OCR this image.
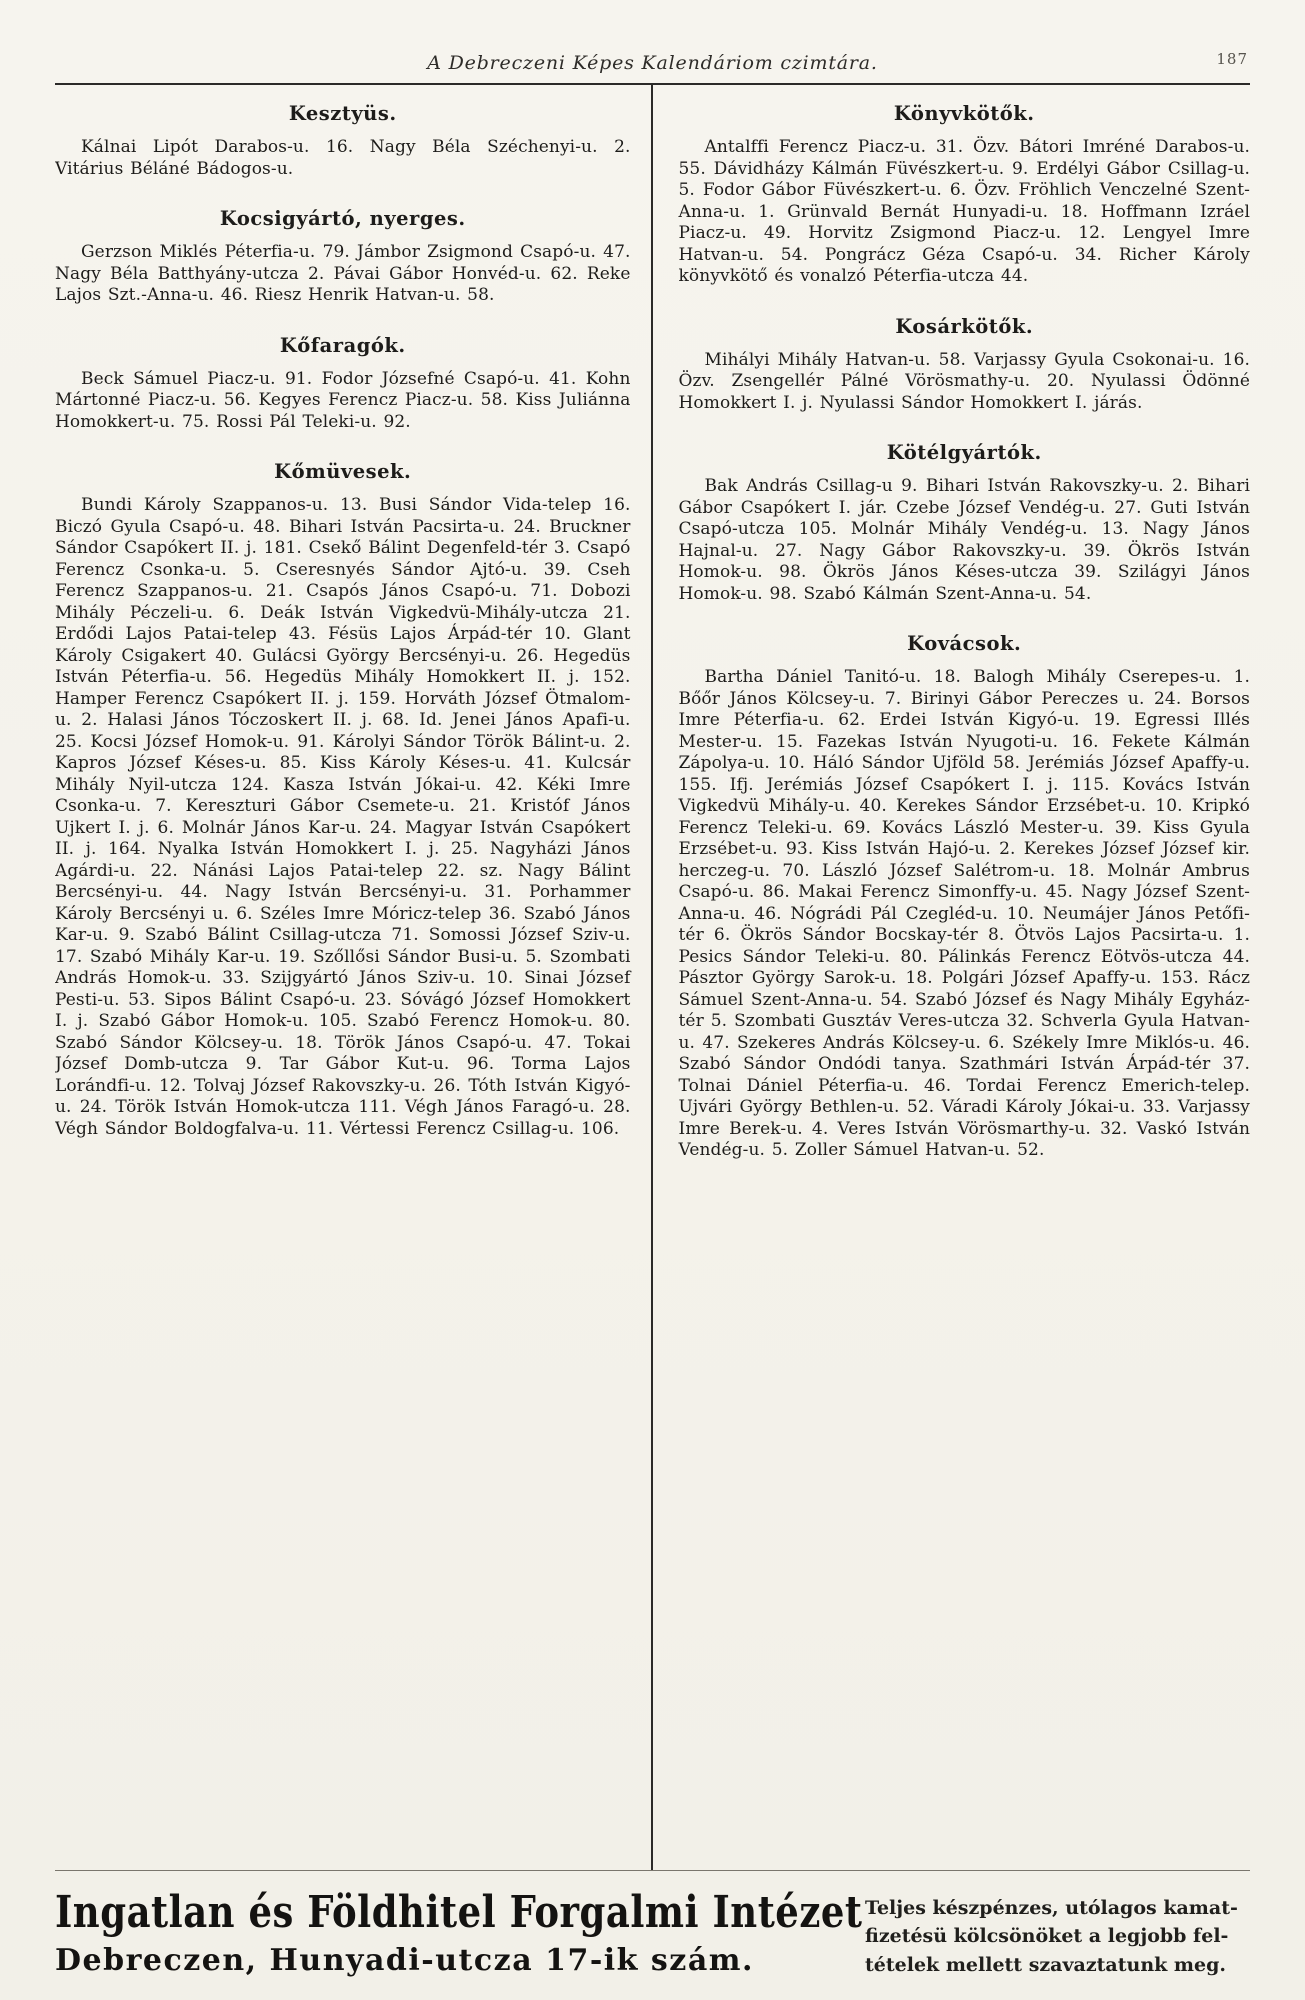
A Debreczeni Képes Kalendáriom czimtára.	187
Kesztyüs.

Kálnai Lipót Darabos-u. 16. Nagy Béla Széchenyi-u. 2. Vitárius Béláné Bádogos-u.

Kocsigyártó, nyerges.

Gerzson Miklés Péterfia-u. 79. Jámbor Zsigmond Csapó-u. 47. Nagy Béla Batthyány-utcza 2. Pávai Gábor Honvéd-u. 62. Reke Lajos Szt.-Anna-u. 46. Riesz Henrik Hatvan-u. 58.

Kőfaragók.

Beck Sámuel Piacz-u. 91. Fodor Józsefné Csapó-u. 41. Kohn Mártonné Piacz-u. 56. Kegyes Ferencz Piacz-u. 58. Kiss Juliánna Homokkert-u. 75. Rossi Pál Teleki-u. 92.

Kőmüvesek.

Bundi Károly Szappanos-u. 13. Busi Sándor Vida-telep 16. Biczó Gyula Csapó-u. 48. Bihari István Pacsirta-u. 24. Bruckner Sándor Csapókert II. j. 181. Csekő Bálint Degenfeld-tér 3. Csapó Ferencz Csonka-u. 5. Cseresnyés Sándor Ajtó-u. 39. Cseh Ferencz Szappanos-u. 21. Csapós János Csapó-u. 71. Dobozi Mihály Péczeli-u. 6. Deák István Vigkedvü-Mihály-utcza 21. Erdődi Lajos Patai-telep 43. Fésüs Lajos Árpád-tér 10. Glant Károly Csigakert 40. Gulácsi György Bercsényi-u. 26. Hegedüs István Péterfia-u. 56. Hegedüs Mihály Homokkert II. j. 152. Hamper Ferencz Csapókert II. j. 159. Horváth József Ötmalom-u. 2. Halasi János Tóczoskert II. j. 68. Id. Jenei János Apafi-u. 25. Kocsi József Homok-u. 91. Károlyi Sándor Török Bálint-u. 2. Kapros József Késes-u. 85. Kiss Károly Késes-u. 41. Kulcsár Mihály Nyil-utcza 124. Kasza István Jókai-u. 42. Kéki Imre Csonka-u. 7. Kereszturi Gábor Csemete-u. 21. Kristóf János Ujkert I. j. 6. Molnár János Kar-u. 24. Magyar István Csapókert II. j. 164. Nyalka István Homokkert I. j. 25. Nagyházi János Agárdi-u. 22. Nánási Lajos Patai-telep 22. sz. Nagy Bálint Bercsényi-u. 44. Nagy István Bercsényi-u. 31. Porhammer Károly Bercsényi u. 6. Széles Imre Móricz-telep 36. Szabó János Kar-u. 9. Szabó Bálint Csillag-utcza 71. Somossi József Sziv-u. 17. Szabó Mihály Kar-u. 19. Szőllősi Sándor Busi-u. 5. Szombati András Homok-u. 33. Szijgyártó János Sziv-u. 10. Sinai József Pesti-u. 53. Sipos Bálint Csapó-u. 23. Sóvágó József Homokkert I. j. Szabó Gábor Homok-u. 105. Szabó Ferencz Homok-u. 80. Szabó Sándor Kölcsey-u. 18. Török János Csapó-u. 47. Tokai József Domb-utcza 9. Tar Gábor Kut-u. 96. Torma Lajos Lorándfi-u. 12. Tolvaj József Rakovszky-u. 26. Tóth István Kigyó-u. 24. Török István Homok-utcza 111. Végh János Faragó-u. 28. Végh Sándor Boldogfalva-u. 11. Vértessi Ferencz Csillag-u. 106.

Könyvkötők.

Antalffi Ferencz Piacz-u. 31. Özv. Bátori Imréné Darabos-u. 55. Dávidházy Kálmán Füvészkert-u. 9. Erdélyi Gábor Csillag-u. 5. Fodor Gábor Füvészkert-u. 6. Özv. Fröhlich Venczelné Szent-Anna-u. 1. Grünvald Bernát Hunyadi-u. 18. Hoffmann Izráel Piacz-u. 49. Horvitz Zsigmond Piacz-u. 12. Lengyel Imre Hatvan-u. 54. Pongrácz Géza Csapó-u. 34. Richer Károly könyvkötő és vonalzó Péterfia-utcza 44.

Kosárkötők.

Mihályi Mihály Hatvan-u. 58. Varjassy Gyula Csokonai-u. 16. Özv. Zsengellér Pálné Vörösmathy-u. 20. Nyulassi Ödönné Homokkert I. j. Nyulassi Sándor Homokkert I. járás.

Kötélgyártók.

Bak András Csillag-u 9. Bihari István Rakovszky-u. 2. Bihari Gábor Csapókert I. jár. Czebe József Vendég-u. 27. Guti István Csapó-utcza 105. Molnár Mihály Vendég-u. 13. Nagy János Hajnal-u. 27. Nagy Gábor Rakovszky-u. 39. Ökrös István Homok-u. 98. Ökrös János Késes-utcza 39. Szilágyi János Homok-u. 98. Szabó Kálmán Szent-Anna-u. 54.

Kovácsok.

Bartha Dániel Tanitó-u. 18. Balogh Mihály Cserepes-u. 1. Bőőr János Kölcsey-u. 7. Birinyi Gábor Pereczes u. 24. Borsos Imre Péterfia-u. 62. Erdei István Kigyó-u. 19. Egressi Illés Mester-u. 15. Fazekas István Nyugoti-u. 16. Fekete Kálmán Zápolya-u. 10. Háló Sándor Ujföld 58. Jerémiás József Apaffy-u. 155. Ifj. Jerémiás József Csapókert I. j. 115. Kovács István Vigkedvü Mihály-u. 40. Kerekes Sándor Erzsébet-u. 10. Kripkó Ferencz Teleki-u. 69. Kovács László Mester-u. 39. Kiss Gyula Erzsébet-u. 93. Kiss István Hajó-u. 2. Kerekes József József kir. herczeg-u. 70. László József Salétrom-u. 18. Molnár Ambrus Csapó-u. 86. Makai Ferencz Simonffy-u. 45. Nagy József Szent-Anna-u. 46. Nógrádi Pál Czegléd-u. 10. Neumájer János Petőfi-tér 6. Ökrös Sándor Bocskay-tér 8. Ötvös Lajos Pacsirta-u. 1. Pesics Sándor Teleki-u. 80. Pálinkás Ferencz Eötvös-utcza 44. Pásztor György Sarok-u. 18. Polgári József Apaffy-u. 153. Rácz Sámuel Szent-Anna-u. 54. Szabó József és Nagy Mihály Egyház-tér 5. Szombati Gusztáv Veres-utcza 32. Schverla Gyula Hatvan-u. 47. Szekeres András Kölcsey-u. 6. Székely Imre Miklós-u. 46. Szabó Sándor Ondódi tanya. Szathmári István Árpád-tér 37. Tolnai Dániel Péterfia-u. 46. Tordai Ferencz Emerich-telep. Ujvári György Bethlen-u. 52. Váradi Károly Jókai-u. 33. Varjassy Imre Berek-u. 4. Veres István Vörösmarthy-u. 32. Vaskó István Vendég-u. 5. Zoller Sámuel Hatvan-u. 52.

Ingatlan és Földhitel Forgalmi Intézet
Debreczen, Hunyadi-utcza 17-ik szám.
Teljes készpénzes, utólagos kamat-
fizetésü kölcsönöket a legjobb fel-
tételek mellett szavaztatunk meg.
